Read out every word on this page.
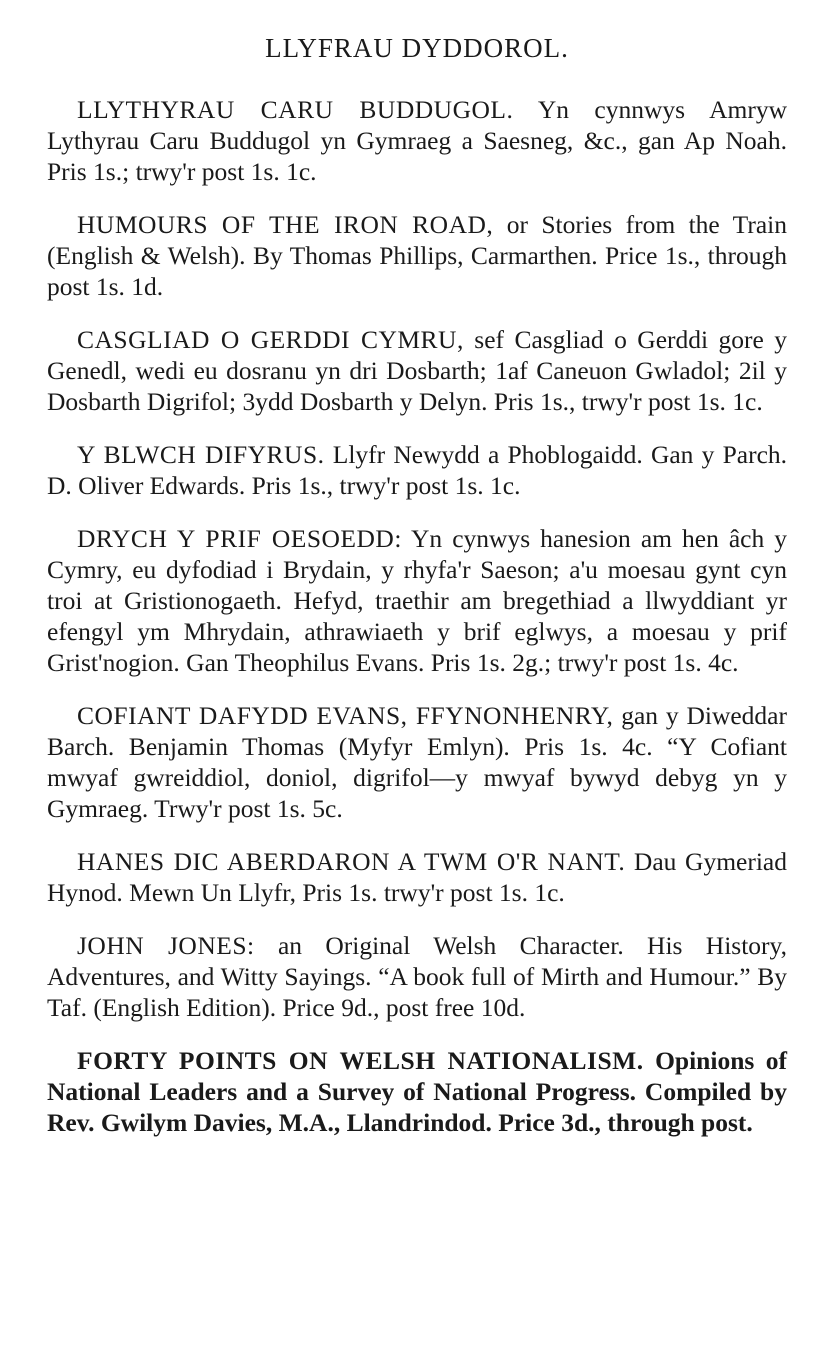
LLYFRAU DYDDOROL.

LLYTHYRAU CARU BUDDUGOL. Yn cynnwys Amryw Lythyrau Caru Buddugol yn Gymraeg a Saesneg, &c., gan Ap Noah. Pris 1s.; trwy'r post 1s. 1c.

HUMOURS OF THE IRON ROAD, or Stories from the Train (English & Welsh). By Thomas Phillips, Carmarthen. Price 1s., through post 1s. 1d.

CASGLIAD O GERDDI CYMRU, sef Casgliad o Gerddi gore y Genedl, wedi eu dosranu yn dri Dosbarth; 1af Caneuon Gwladol; 2il y Dosbarth Digrifol; 3ydd Dosbarth y Delyn. Pris 1s., trwy'r post 1s. 1c.

Y BLWCH DIFYRUS. Llyfr Newydd a Phoblogaidd. Gan y Parch. D. Oliver Edwards. Pris 1s., trwy'r post 1s. 1c.

DRYCH Y PRIF OESOEDD: Yn cynwys hanesion am hen âch y Cymry, eu dyfodiad i Brydain, y rhyfa'r Saeson; a'u moesau gynt cyn troi at Gristionogaeth. Hefyd, traethir am bregethiad a llwyddiant yr efengyl ym Mhrydain, athrawiaeth y brif eglwys, a moesau y prif Grist'nogion. Gan Theophilus Evans. Pris 1s. 2g.; trwy'r post 1s. 4c.

COFIANT DAFYDD EVANS, FFYNONHENRY, gan y Diweddar Barch. Benjamin Thomas (Myfyr Emlyn). Pris 1s. 4c. “Y Cofiant mwyaf gwreiddiol, doniol, digrifol—y mwyaf bywyd debyg yn y Gymraeg. Trwy'r post 1s. 5c.

HANES DIC ABERDARON A TWM O'R NANT. Dau Gymeriad Hynod. Mewn Un Llyfr, Pris 1s. trwy'r post 1s. 1c.

JOHN JONES: an Original Welsh Character. His History, Adventures, and Witty Sayings. “A book full of Mirth and Humour.” By Taf. (English Edition). Price 9d., post free 10d.

FORTY POINTS ON WELSH NATIONALISM. Opinions of National Leaders and a Survey of National Progress. Compiled by Rev. Gwilym Davies, M.A., Llandrindod. Price 3d., through post.
